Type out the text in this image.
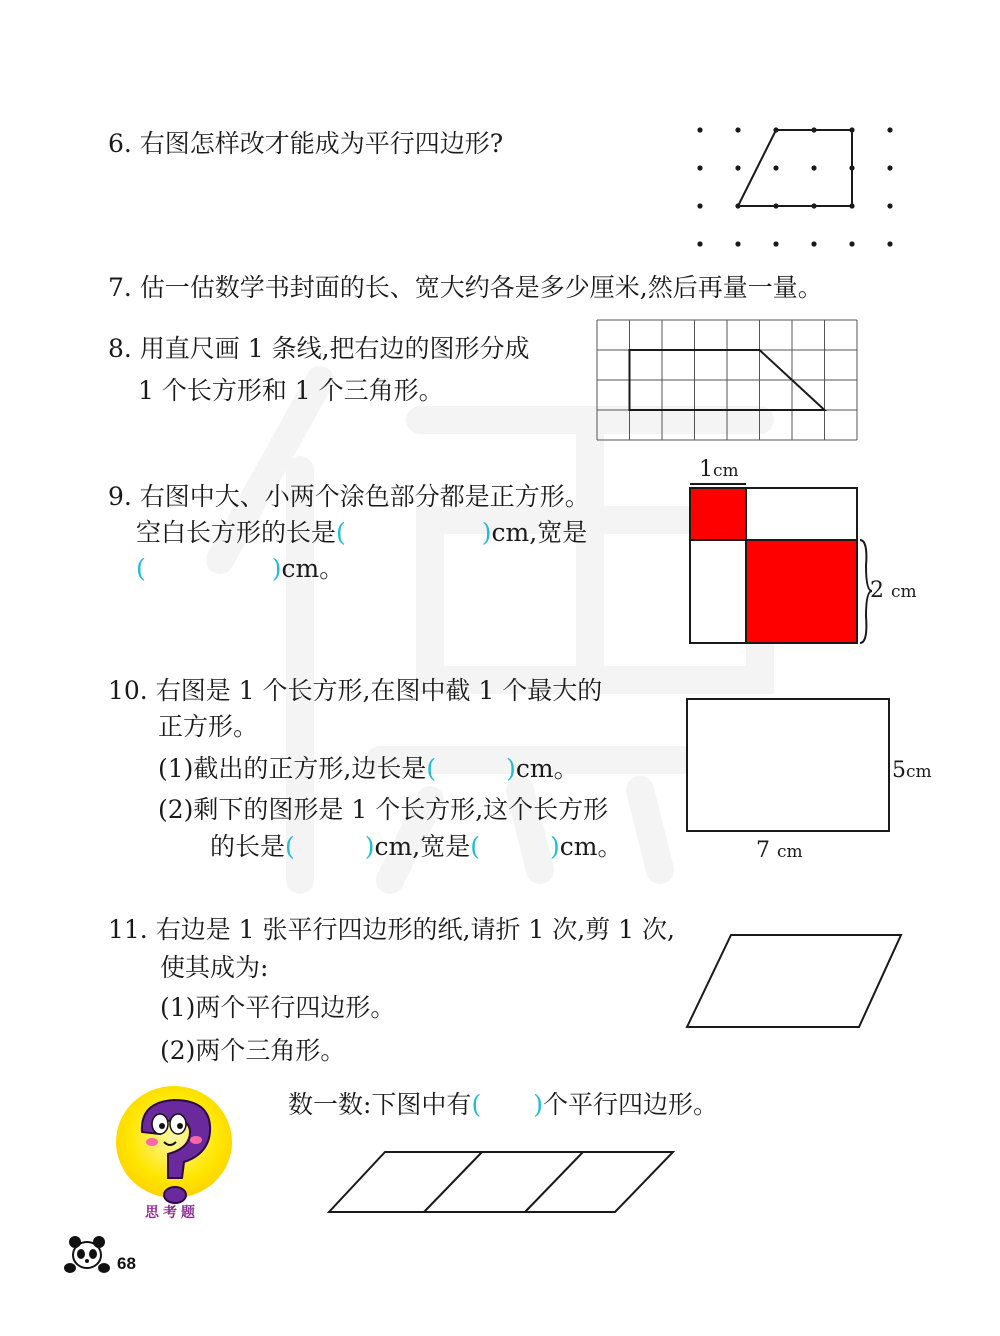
6. 右图怎样改才能成为平行四边形?
7. 估一估数学书封面的长、宽大约各是多少厘米,然后再量一量。
8. 用直尺画 1 条线,把右边的图形分成
1 个长方形和 1 个三角形。
9. 右图中大、小两个涂色部分都是正方形。
空白长方形的长是(	)cm,宽是
(	)cm。
1cm
2 cm
10. 右图是 1 个长方形,在图中截 1 个最大的
正方形。
(1)截出的正方形,边长是(	)cm。
(2)剩下的图形是 1 个长方形,这个长方形
的长是(	)cm,宽是(	)cm。
5cm
7 cm
11. 右边是 1 张平行四边形的纸,请折 1 次,剪 1 次,
使其成为:
(1)两个平行四边形。
(2)两个三角形。
思考题
数一数:下图中有( )个平行四边形。
68
